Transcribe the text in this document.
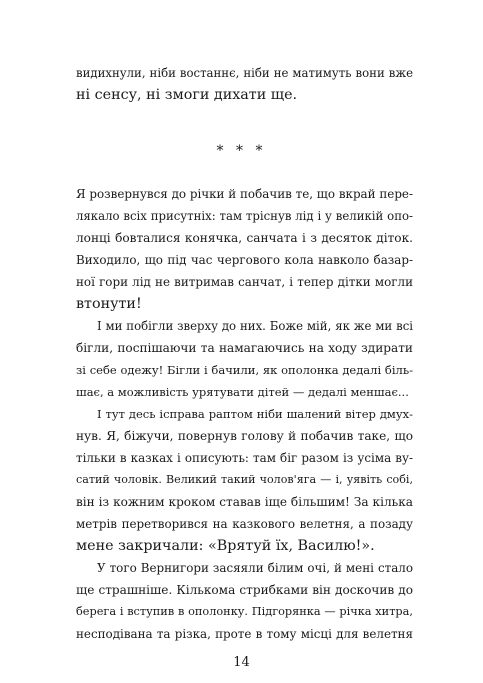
видихнули, ніби востаннє, ніби не матимуть вони вже
ні сенсу, ні змоги дихати ще.
* * *
Я розвернувся до річки й побачив те, що вкрай пере-
лякало всіх присутніх: там тріснув лід і у великій опо-
лонці бовталися конячка, санчата і з десяток діток.
Виходило, що під час чергового кола навколо базар-
ної гори лід не витримав санчат, і тепер дітки могли
втонути!
І ми побігли зверху до них. Боже мій, як же ми всі
бігли, поспішаючи та намагаючись на ходу здирати
зі себе одежу! Бігли і бачили, як ополонка дедалі біль-
шає, а можливість урятувати дітей — дедалі меншає...
І тут десь ісправа раптом ніби шалений вітер дмух-
нув. Я, біжучи, повернув голову й побачив таке, що
тільки в казках і описують: там біг разом із усіма ву-
сатий чоловік. Великий такий чолов'яга — і, уявіть собі,
він із кожним кроком ставав іще більшим! За кілька
метрів перетворився на казкового велетня, а позаду
мене закричали: «Врятуй їх, Василю!».
У того Вернигори засяяли білим очі, й мені стало
ще страшніше. Кількома стрибками він доскочив до
берега і вступив в ополонку. Підгорянка — річка хитра,
несподівана та різка, проте в тому місці для велетня
14
